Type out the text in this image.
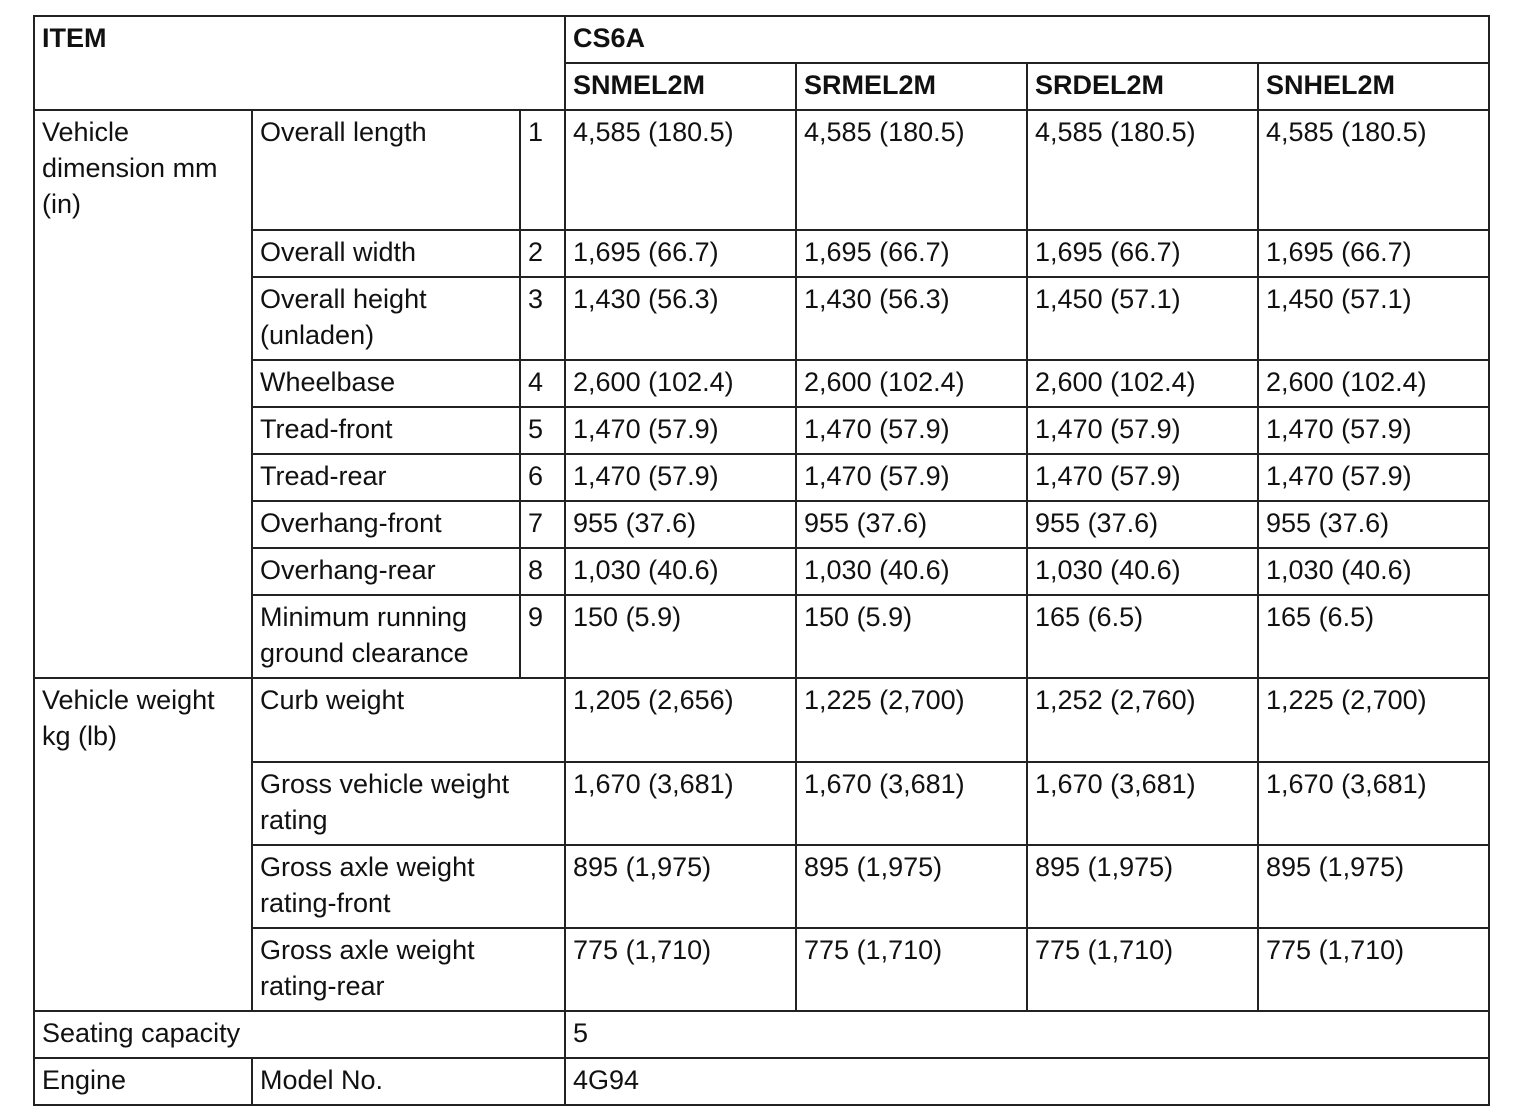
ITEM			CS6A			
			SNMEL2M	SRMEL2M	SRDEL2M	SNHEL2M
Vehicle dimension mm (in)	Overall length	1	4,585 (180.5)	4,585 (180.5)	4,585 (180.5)	4,585 (180.5)
	Overall width	2	1,695 (66.7)	1,695 (66.7)	1,695 (66.7)	1,695 (66.7)
	Overall height (unladen)	3	1,430 (56.3)	1,430 (56.3)	1,450 (57.1)	1,450 (57.1)
	Wheelbase	4	2,600 (102.4)	2,600 (102.4)	2,600 (102.4)	2,600 (102.4)
	Tread-front	5	1,470 (57.9)	1,470 (57.9)	1,470 (57.9)	1,470 (57.9)
	Tread-rear	6	1,470 (57.9)	1,470 (57.9)	1,470 (57.9)	1,470 (57.9)
	Overhang-front	7	955 (37.6)	955 (37.6)	955 (37.6)	955 (37.6)
	Overhang-rear	8	1,030 (40.6)	1,030 (40.6)	1,030 (40.6)	1,030 (40.6)
	Minimum running ground clearance	9	150 (5.9)	150 (5.9)	165 (6.5)	165 (6.5)
Vehicle weight kg (lb)	Curb weight		1,205 (2,656)	1,225 (2,700)	1,252 (2,760)	1,225 (2,700)
	Gross vehicle weight rating		1,670 (3,681)	1,670 (3,681)	1,670 (3,681)	1,670 (3,681)
	Gross axle weight rating-front		895 (1,975)	895 (1,975)	895 (1,975)	895 (1,975)
	Gross axle weight rating-rear		775 (1,710)	775 (1,710)	775 (1,710)	775 (1,710)
Seating capacity			5			
Engine	Model No.		4G94			
